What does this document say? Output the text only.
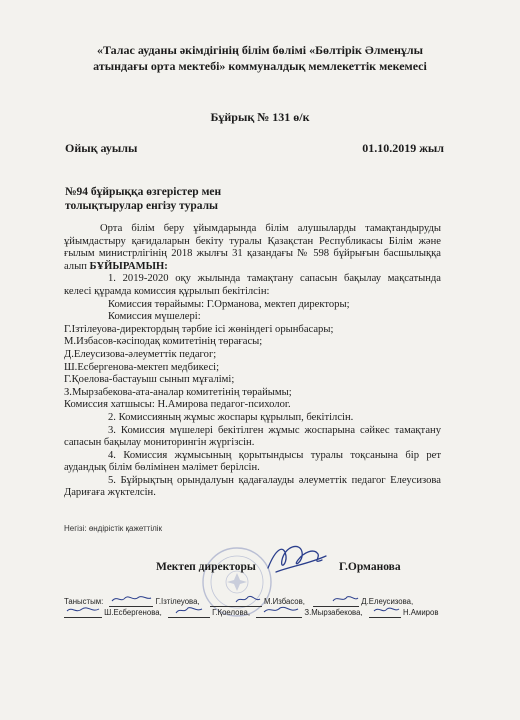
«Талас ауданы әкімдігінің білім бөлімі «Бөлтірік Әлменұлы
атындағы орта мектебі» коммуналдық мемлекеттік мекемесі
Бұйрық № 131 ө/к
Ойық ауылы	01.10.2019 жыл
№94 бұйрыққа өзгерістер мен
толықтырулар енгізу туралы

Орта білім беру ұйымдарында білім алушыларды тамақтандыруды ұйымдастыру қағидаларын бекіту туралы Қазақстан Республикасы Білім және ғылым министрлігінің 2018 жылғы 31 қазандағы № 598 бұйрығын басшылыққа алып БҰЙЫРАМЫН:

1. 2019-2020 оқу жылында тамақтану сапасын бақылау мақсатында келесі құрамда комиссия құрылып бекітілсін:

Комиссия төрайымы: Г.Орманова, мектеп директоры;

Комиссия мүшелері:

Г.Ізтілеуова-директордың тәрбие ісі жөніндегі орынбасары;

М.Избасов-кәсіподақ комитетінің төрағасы;

Д.Елеусизова-әлеуметтік педагог;

Ш.Есбергенова-мектеп медбикесі;

Г.Қоелова-бастауыш сынып мұғалімі;

З.Мырзабекова-ата-аналар комитетінің төрайымы;

Комиссия хатшысы: Н.Амирова педагог-психолог.

2. Комиссияның жұмыс жоспары құрылып, бекітілсін.

3. Комиссия мүшелері бекітілген жұмыс жоспарына сәйкес тамақтану сапасын бақылау мониторингін жүргізсін.

4. Комиссия жұмысының қорытындысы туралы тоқсанына бір рет аудандық білім бөлімінен мәлімет берілсін.

5. Бұйрықтың орындалуын қадағалауды әлеуметтік педагог Елеусизова Дариғаға жүктелсін.

Негізі: өндірістік қажеттілік
Мектеп директоры	Г.Орманова
Таныстым:	Г.Ізтілеуова,	М.Избасов,	Д.Елеусизова,
Ш.Есбергенова,	Г.Қоелова,	З.Мырзабекова,	Н.Амиров
